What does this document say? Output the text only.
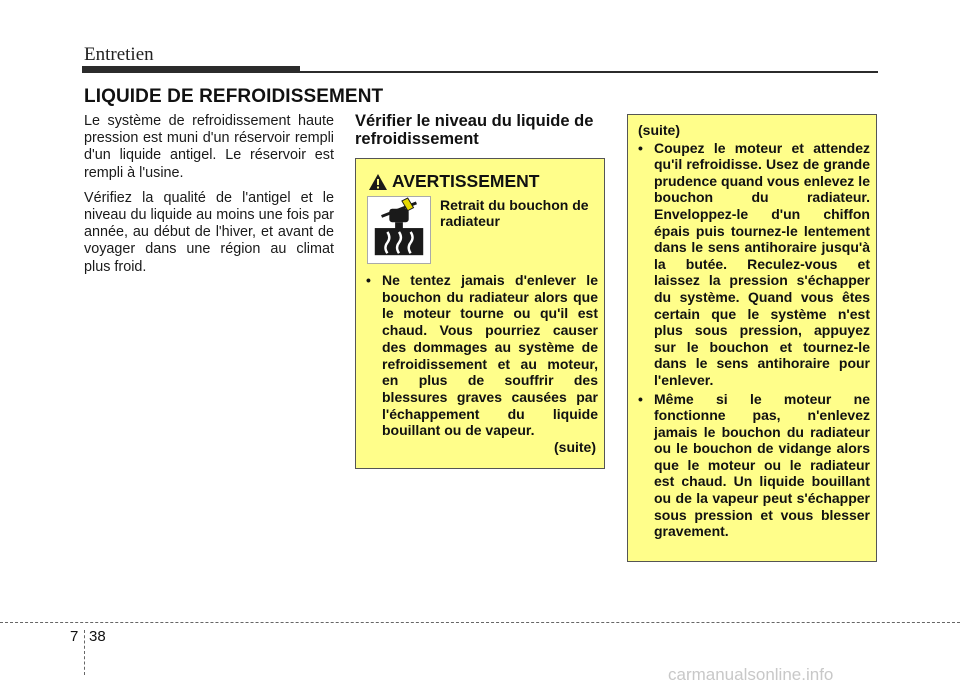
Entretien
LIQUIDE DE REFROIDISSEMENT

Le système de refroidissement haute pression est muni d'un réservoir rempli d'un liquide antigel. Le réservoir est rempli à l'usine.

Vérifiez la qualité de l'antigel et le niveau du liquide au moins une fois par année, au début de l'hiver, et avant de voyager dans une région au climat plus froid.

Vérifier le niveau du liquide de refroidissement
AVERTISSEMENT
Retrait du bouchon de radiateur
• Ne tentez jamais d'enlever le bouchon du radiateur alors que le moteur tourne ou qu'il est chaud. Vous pourriez causer des dommages au système de refroidissement et au moteur, en plus de souffrir des blessures graves causées par l'échappement du liquide bouillant ou de vapeur.
(suite)
(suite)
• Coupez le moteur et attendez qu'il refroidisse. Usez de grande prudence quand vous enlevez le bouchon du radiateur. Enveloppez-le d'un chiffon épais puis tournez-le lentement dans le sens antihoraire jusqu'à la butée. Reculez-vous et laissez la pression s'échapper du système. Quand vous êtes certain que le système n'est plus sous pression, appuyez sur le bouchon et tournez-le dans le sens antihoraire pour l'enlever.
• Même si le moteur ne fonctionne pas, n'enlevez jamais le bouchon du radiateur ou le bouchon de vidange alors que le moteur ou le radiateur est chaud. Un liquide bouillant ou de la vapeur peut s'échapper sous pression et vous blesser gravement.
7 38
carmanualsonline.info
